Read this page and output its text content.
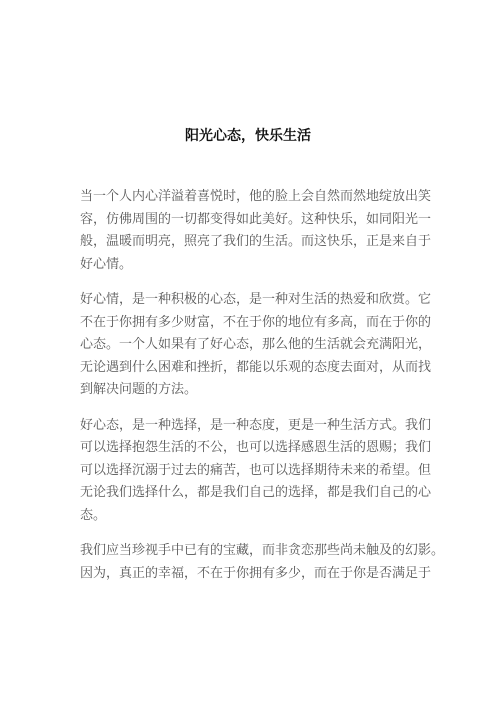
阳光心态，快乐生活
当一个人内心洋溢着喜悦时，他的脸上会自然而然地绽放出笑
容，仿佛周围的一切都变得如此美好。这种快乐，如同阳光一
般，温暖而明亮，照亮了我们的生活。而这快乐，正是来自于
好心情。
好心情，是一种积极的心态，是一种对生活的热爱和欣赏。它
不在于你拥有多少财富，不在于你的地位有多高，而在于你的
心态。一个人如果有了好心态，那么他的生活就会充满阳光，
无论遇到什么困难和挫折，都能以乐观的态度去面对，从而找
到解决问题的方法。
好心态，是一种选择，是一种态度，更是一种生活方式。我们
可以选择抱怨生活的不公，也可以选择感恩生活的恩赐；我们
可以选择沉溺于过去的痛苦，也可以选择期待未来的希望。但
无论我们选择什么，都是我们自己的选择，都是我们自己的心
态。
我们应当珍视手中已有的宝藏，而非贪恋那些尚未触及的幻影。
因为，真正的幸福，不在于你拥有多少，而在于你是否满足于
